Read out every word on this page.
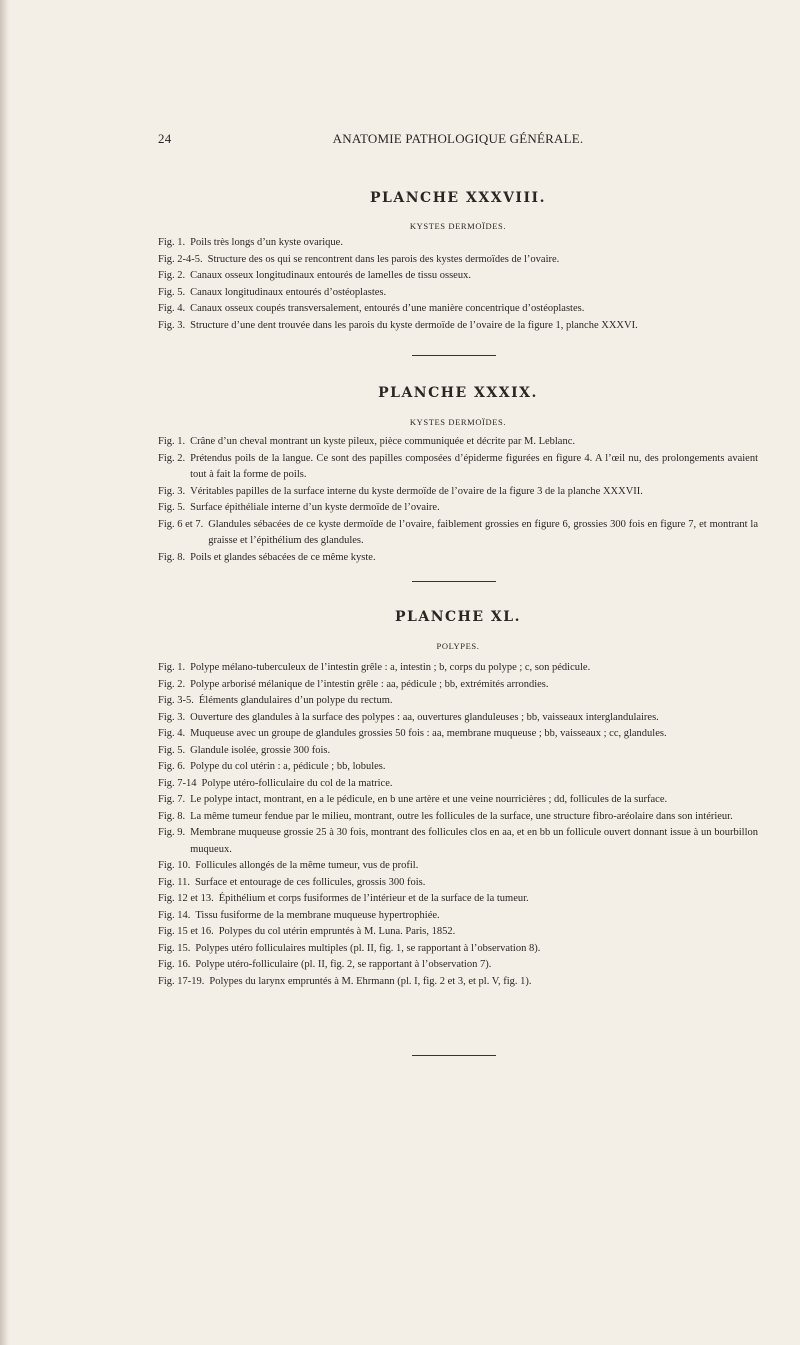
24	ANATOMIE PATHOLOGIQUE GÉNÉRALE.
PLANCHE XXXVIII.
KYSTES DERMOÏDES.
Fig. 1. Poils très longs d’un kyste ovarique.
Fig. 2-4-5. Structure des os qui se rencontrent dans les parois des kystes dermoïdes de l’ovaire.
Fig. 2. Canaux osseux longitudinaux entourés de lamelles de tissu osseux.
Fig. 5. Canaux longitudinaux entourés d’ostéoplastes.
Fig. 4. Canaux osseux coupés transversalement, entourés d’une manière concentrique d’ostéoplastes.
Fig. 3. Structure d’une dent trouvée dans les parois du kyste dermoïde de l’ovaire de la figure 1, planche XXXVI.
PLANCHE XXXIX.
KYSTES DERMOÏDES.
Fig. 1. Crâne d’un cheval montrant un kyste pileux, pièce communiquée et décrite par M. Leblanc.
Fig. 2. Prétendus poils de la langue. Ce sont des papilles composées d’épiderme figurées en figure 4. A l’œil nu, des prolongements avaient tout à fait la forme de poils.
Fig. 3. Véritables papilles de la surface interne du kyste dermoïde de l’ovaire de la figure 3 de la planche XXXVII.
Fig. 5. Surface épithéliale interne d’un kyste dermoïde de l’ovaire.
Fig. 6 et 7. Glandules sébacées de ce kyste dermoïde de l’ovaire, faiblement grossies en figure 6, grossies 300 fois en figure 7, et montrant la graisse et l’épithélium des glandules.
Fig. 8. Poils et glandes sébacées de ce même kyste.
PLANCHE XL.
POLYPES.
Fig. 1. Polype mélano-tuberculeux de l’intestin grêle : a, intestin ; b, corps du polype ; c, son pédicule.
Fig. 2. Polype arborisé mélanique de l’intestin grêle : aa, pédicule ; bb, extrémités arrondies.
Fig. 3-5. Éléments glandulaires d’un polype du rectum.
Fig. 3. Ouverture des glandules à la surface des polypes : aa, ouvertures glanduleuses ; bb, vaisseaux interglandulaires.
Fig. 4. Muqueuse avec un groupe de glandules grossies 50 fois : aa, membrane muqueuse ; bb, vaisseaux ; cc, glandules.
Fig. 5. Glandule isolée, grossie 300 fois.
Fig. 6. Polype du col utérin : a, pédicule ; bb, lobules.
Fig. 7-14 Polype utéro-folliculaire du col de la matrice.
Fig. 7. Le polype intact, montrant, en a le pédicule, en b une artère et une veine nourricières ; dd, follicules de la surface.
Fig. 8. La même tumeur fendue par le milieu, montrant, outre les follicules de la surface, une structure fibro-aréolaire dans son intérieur.
Fig. 9. Membrane muqueuse grossie 25 à 30 fois, montrant des follicules clos en aa, et en bb un follicule ouvert donnant issue à un bourbillon muqueux.
Fig. 10. Follicules allongés de la même tumeur, vus de profil.
Fig. 11. Surface et entourage de ces follicules, grossis 300 fois.
Fig. 12 et 13. Épithélium et corps fusiformes de l’intérieur et de la surface de la tumeur.
Fig. 14. Tissu fusiforme de la membrane muqueuse hypertrophiée.
Fig. 15 et 16. Polypes du col utérin empruntés à M. Luna. Paris, 1852.
Fig. 15. Polypes utéro folliculaires multiples (pl. II, fig. 1, se rapportant à l’observation 8).
Fig. 16. Polype utéro-folliculaire (pl. II, fig. 2, se rapportant à l’observation 7).
Fig. 17-19. Polypes du larynx empruntés à M. Ehrmann (pl. I, fig. 2 et 3, et pl. V, fig. 1).
